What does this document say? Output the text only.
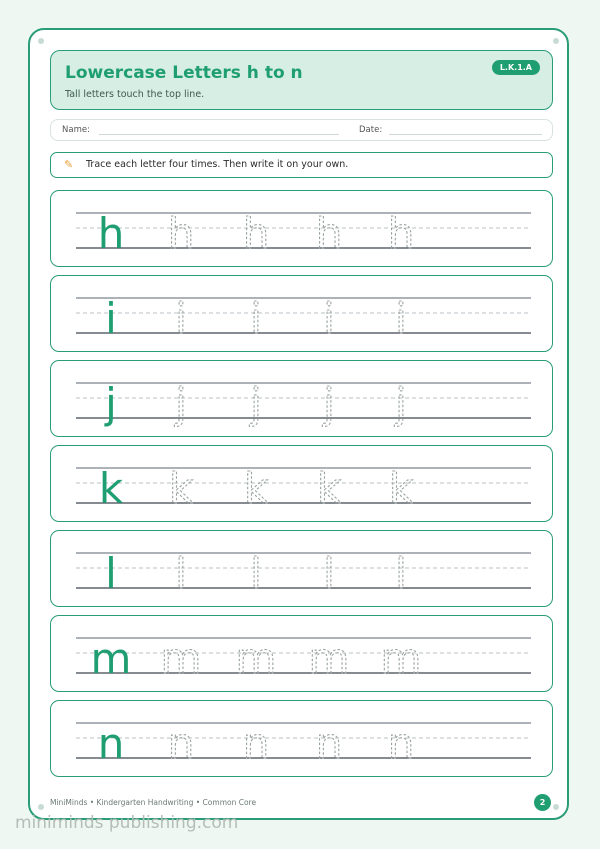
Lowercase Letters h to n
Tall letters touch the top line.
L.K.1.A
Name:	Date:
✎ Trace each letter four times. Then write it on your own.
h h h h h
i i i i i
j j j j j
k k k k k
l l l l l
m m m m m
n n n n n
MiniMinds • Kindergarten Handwriting • Common Core	2
miniminds publishing.com
